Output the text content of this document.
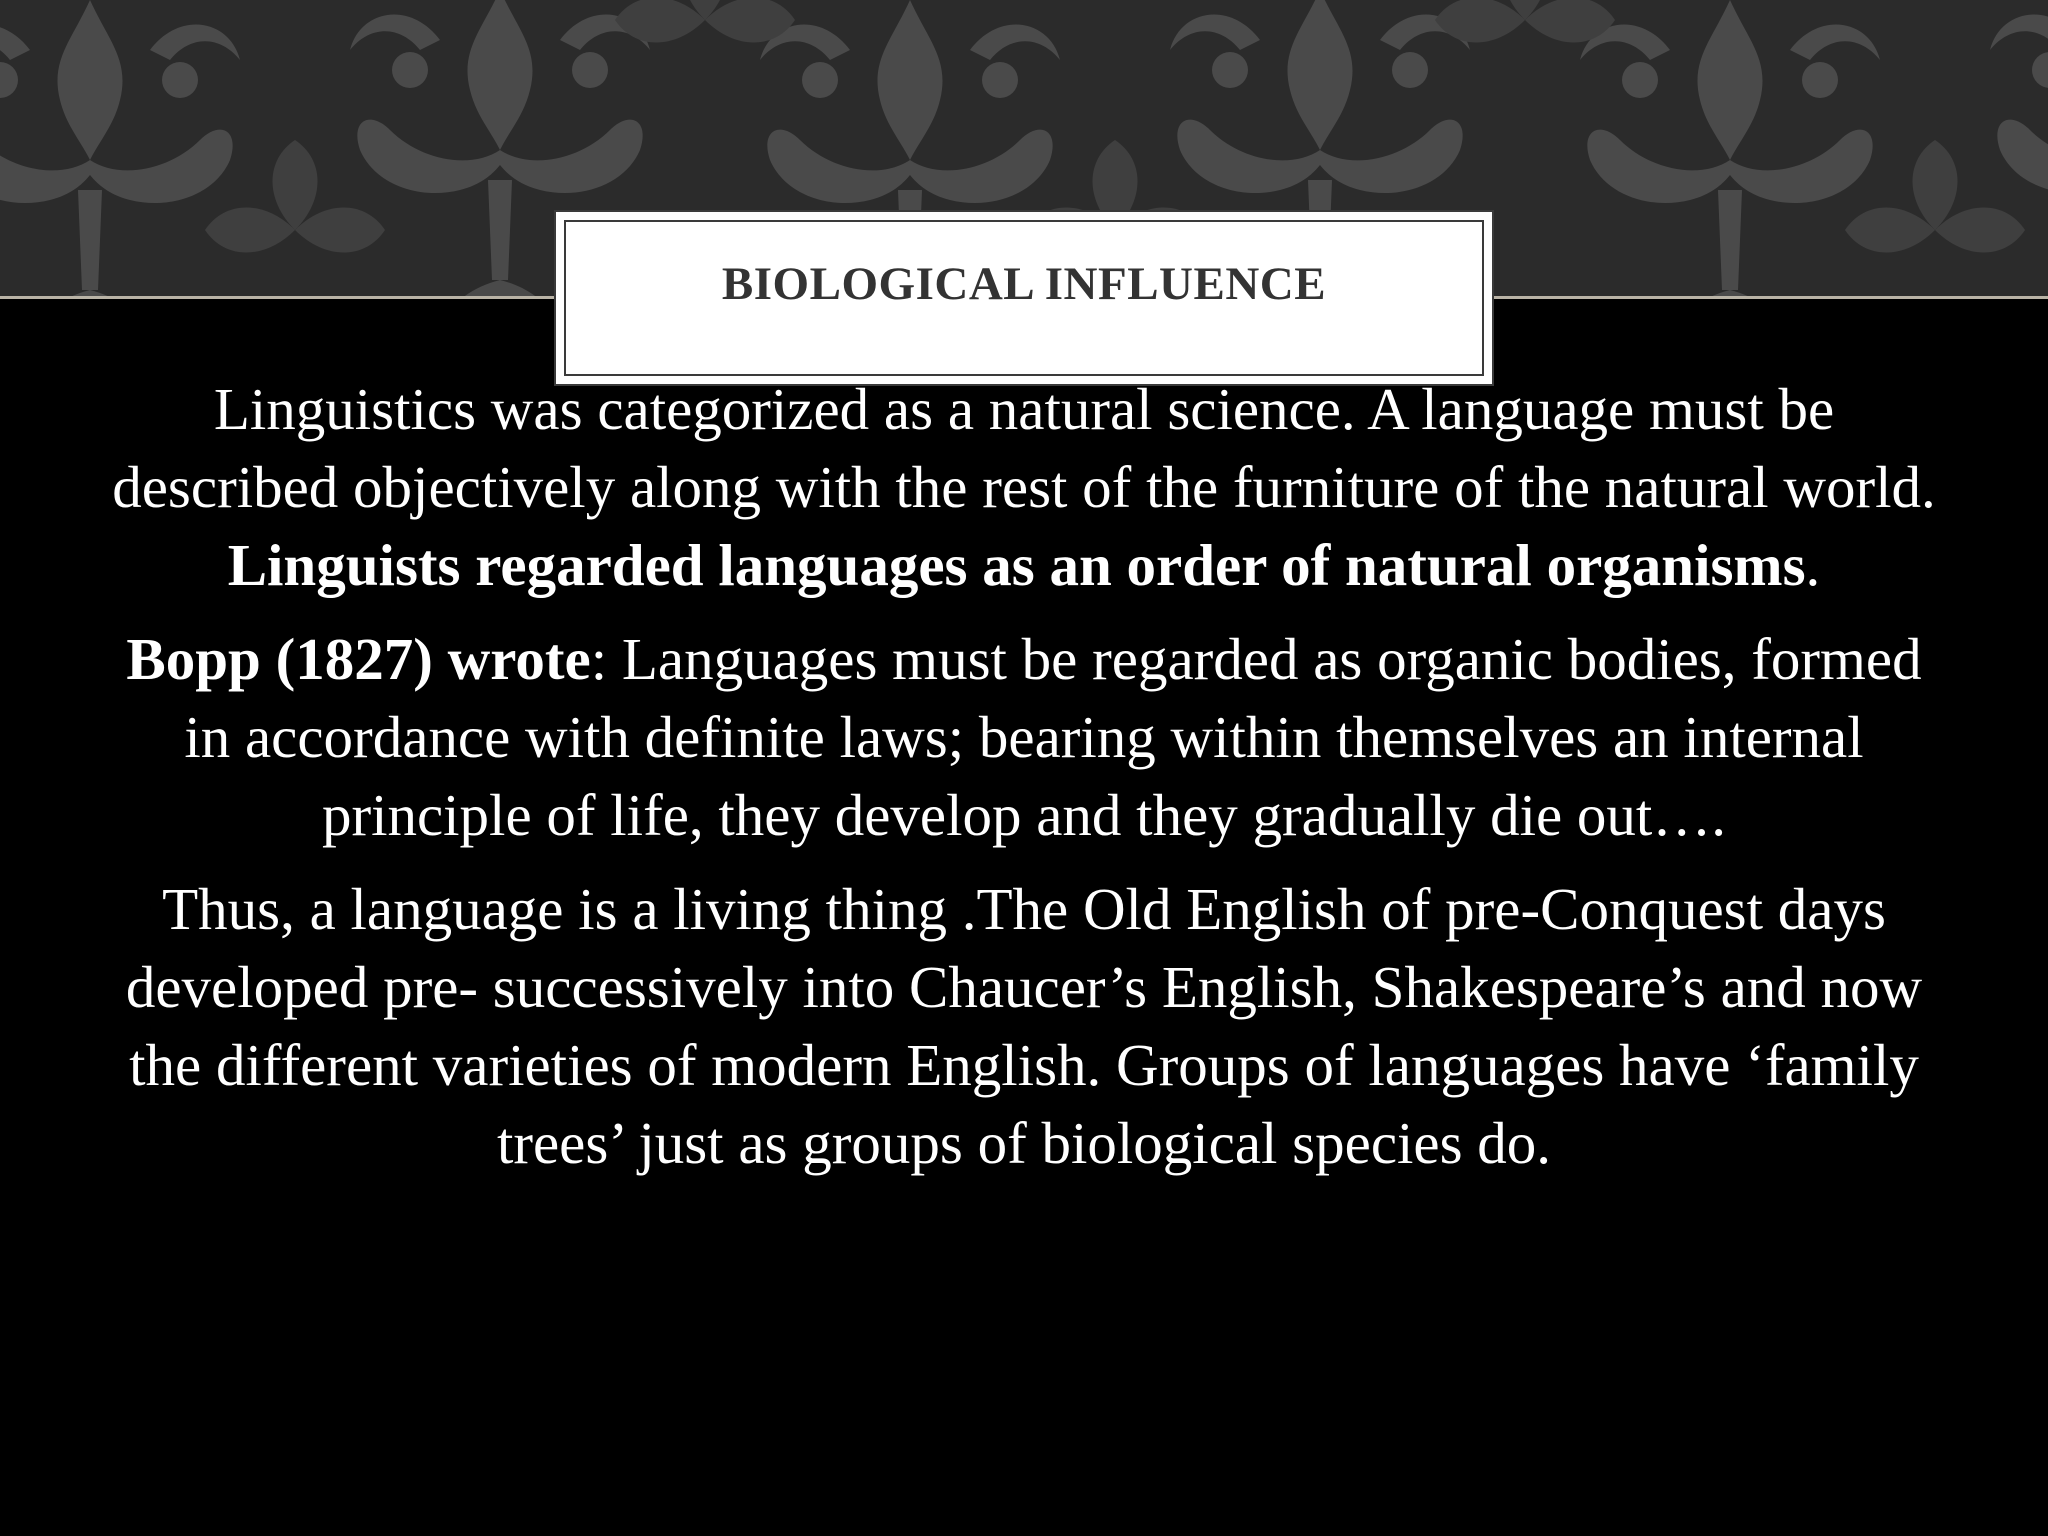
BIOLOGICAL INFLUENCE

Linguistics was categorized as a natural science. A language must be described objectively along with the rest of the furniture of the natural world. Linguists regarded languages as an order of natural organisms.

Bopp (1827) wrote: Languages must be regarded as organic bodies, formed in accordance with definite laws; bearing within themselves an internal principle of life, they develop and they gradually die out….

Thus, a language is a living thing .The Old English of pre-Conquest days developed pre- successively into Chaucer’s English, Shakespeare’s and now the different varieties of modern English. Groups of languages have ‘family trees’ just as groups of biological species do.
